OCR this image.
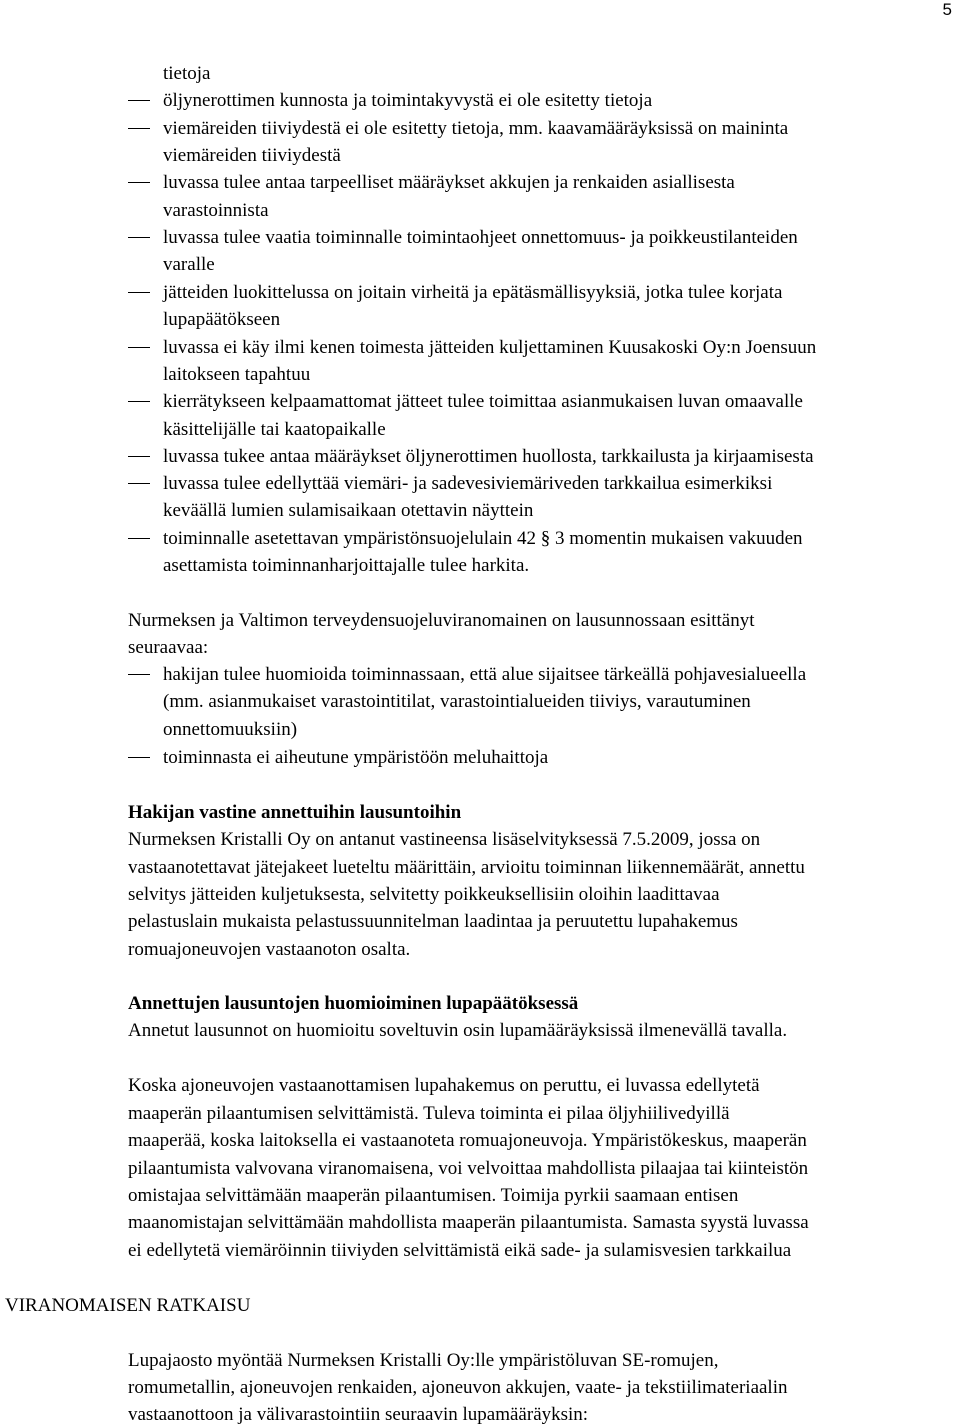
5
tietoja
öljynerottimen kunnosta ja toimintakyvystä ei ole esitetty tietoja
viemäreiden tiiviydestä ei ole esitetty tietoja, mm. kaavamääräyksissä on maininta
viemäreiden tiiviydestä
luvassa tulee antaa tarpeelliset määräykset akkujen ja renkaiden asiallisesta
varastoinnista
luvassa tulee vaatia toiminnalle toimintaohjeet onnettomuus- ja poikkeustilanteiden
varalle
jätteiden luokittelussa on joitain virheitä ja epätäsmällisyyksiä, jotka tulee korjata
lupapäätökseen
luvassa ei käy ilmi kenen toimesta jätteiden kuljettaminen Kuusakoski Oy:n Joensuun
laitokseen tapahtuu
kierrätykseen kelpaamattomat jätteet tulee toimittaa asianmukaisen luvan omaavalle
käsittelijälle tai kaatopaikalle
luvassa tukee antaa määräykset öljynerottimen huollosta, tarkkailusta ja kirjaamisesta
luvassa tulee edellyttää viemäri- ja sadevesiviemäriveden tarkkailua esimerkiksi
keväällä lumien sulamisaikaan otettavin näyttein
toiminnalle asetettavan ympäristönsuojelulain 42 § 3 momentin mukaisen vakuuden
asettamista toiminnanharjoittajalle tulee harkita.
Nurmeksen ja Valtimon terveydensuojeluviranomainen on lausunnossaan esittänyt
seuraavaa:
hakijan tulee huomioida toiminnassaan, että alue sijaitsee tärkeällä pohjavesialueella
(mm. asianmukaiset varastointitilat, varastointialueiden tiiviys, varautuminen
onnettomuuksiin)
toiminnasta ei aiheutune ympäristöön meluhaittoja
Hakijan vastine annettuihin lausuntoihin
Nurmeksen Kristalli Oy on antanut vastineensa lisäselvityksessä 7.5.2009, jossa on
vastaanotettavat jätejakeet lueteltu määrittäin, arvioitu toiminnan liikennemäärät, annettu
selvitys jätteiden kuljetuksesta, selvitetty poikkeuksellisiin oloihin laadittavaa
pelastuslain mukaista pelastussuunnitelman laadintaa ja peruutettu lupahakemus
romuajoneuvojen vastaanoton osalta.
Annettujen lausuntojen huomioiminen lupapäätöksessä
Annetut lausunnot on huomioitu soveltuvin osin lupamääräyksissä ilmenevällä tavalla.
Koska ajoneuvojen vastaanottamisen lupahakemus on peruttu, ei luvassa edellytetä
maaperän pilaantumisen selvittämistä. Tuleva toiminta ei pilaa öljyhiilivedyillä
maaperää, koska laitoksella ei vastaanoteta romuajoneuvoja. Ympäristökeskus, maaperän
pilaantumista valvovana viranomaisena, voi velvoittaa mahdollista pilaajaa tai kiinteistön
omistajaa selvittämään maaperän pilaantumisen. Toimija pyrkii saamaan entisen
maanomistajan selvittämään mahdollista maaperän pilaantumista. Samasta syystä luvassa
ei edellytetä viemäröinnin tiiviyden selvittämistä eikä sade- ja sulamisvesien tarkkailua
VIRANOMAISEN RATKAISU
Lupajaosto myöntää Nurmeksen Kristalli Oy:lle ympäristöluvan SE-romujen,
romumetallin, ajoneuvojen renkaiden, ajoneuvon akkujen, vaate- ja tekstiilimateriaalin
vastaanottoon ja välivarastointiin seuraavin lupamääräyksin:
